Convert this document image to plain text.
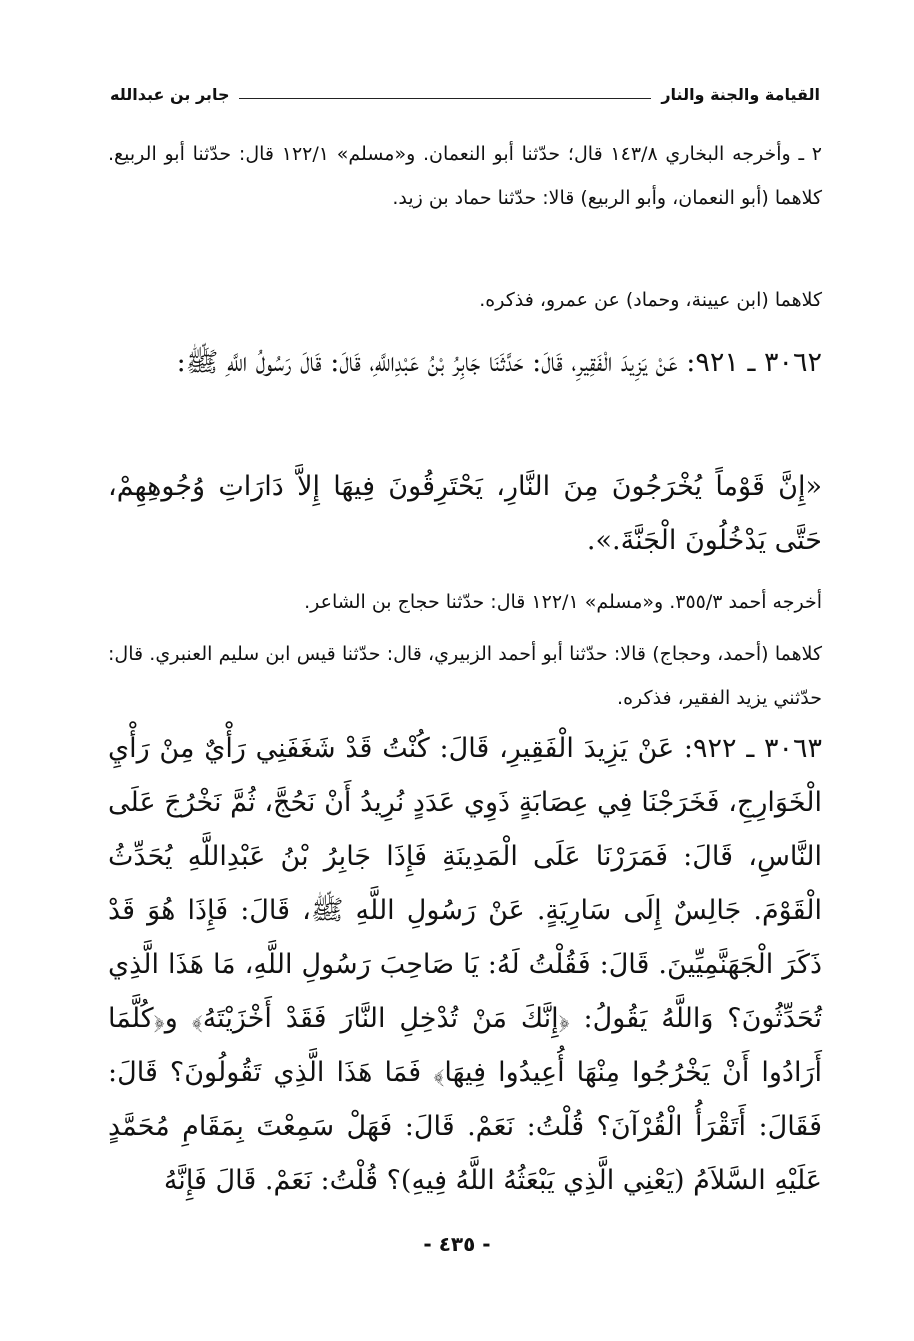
القيامة والجنة والنار
جابر بن عبدالله

٢ ـ وأخرجه البخاري ١٤٣/٨ قال؛ حدّثنا أبو النعمان. و«مسلم» ١٢٢/١ قال: حدّثنا أبو الربيع. كلاهما (أبو النعمان، وأبو الربيع) قالا: حدّثنا حماد بن زيد.

كلاهما (ابن عيينة، وحماد) عن عمرو، فذكره.

٣٠٦٢ ـ ٩٢١: عَنْ يَزِيدَ الْفَقِيرِ، قَالَ: حَدَّثَنَا جَابِرُ بْنُ عَبْدِاللَّهِ، قَالَ: قَالَ رَسُولُ اللَّهِ ﷺ:

«إِنَّ قَوْماً يُخْرَجُونَ مِنَ النَّارِ، يَحْتَرِقُونَ فِيهَا إِلاَّ دَارَاتِ وُجُوهِهِمْ، حَتَّى يَدْخُلُونَ الْجَنَّةَ.».

أخرجه أحمد ٣٥٥/٣. و«مسلم» ١٢٢/١ قال: حدّثنا حجاج بن الشاعر.

كلاهما (أحمد، وحجاج) قالا: حدّثنا أبو أحمد الزبيري، قال: حدّثنا قيس ابن سليم العنبري. قال: حدّثني يزيد الفقير، فذكره.

٣٠٦٣ ـ ٩٢٢: عَنْ يَزِيدَ الْفَقِيرِ، قَالَ: كُنْتُ قَدْ شَغَفَنِي رَأْيٌ مِنْ رَأْيِ الْخَوَارِجِ، فَخَرَجْنَا فِي عِصَابَةٍ ذَوِي عَدَدٍ نُرِيدُ أَنْ نَحُجَّ، ثُمَّ نَخْرُجَ عَلَى النَّاسِ، قَالَ: فَمَرَرْنَا عَلَى الْمَدِينَةِ فَإِذَا جَابِرُ بْنُ عَبْدِاللَّهِ يُحَدِّثُ الْقَوْمَ. جَالِسٌ إِلَى سَارِيَةٍ. عَنْ رَسُولِ اللَّهِ ﷺ، قَالَ: فَإِذَا هُوَ قَدْ ذَكَرَ الْجَهَنَّمِيِّينَ. قَالَ: فَقُلْتُ لَهُ: يَا صَاحِبَ رَسُولِ اللَّهِ، مَا هَذَا الَّذِي تُحَدِّثُونَ؟ وَاللَّهُ يَقُولُ: ﴿إِنَّكَ مَنْ تُدْخِلِ النَّارَ فَقَدْ أَخْزَيْتَهُ﴾ و﴿كُلَّمَا أَرَادُوا أَنْ يَخْرُجُوا مِنْهَا أُعِيدُوا فِيهَا﴾ فَمَا هَذَا الَّذِي تَقُولُونَ؟ قَالَ: فَقَالَ: أَتَقْرَأُ الْقُرْآنَ؟ قُلْتُ: نَعَمْ. قَالَ: فَهَلْ سَمِعْتَ بِمَقَامِ مُحَمَّدٍ عَلَيْهِ السَّلاَمُ (يَعْنِي الَّذِي يَبْعَثُهُ اللَّهُ فِيهِ)؟ قُلْتُ: نَعَمْ. قَالَ فَإِنَّهُ

- ٤٣٥ -
